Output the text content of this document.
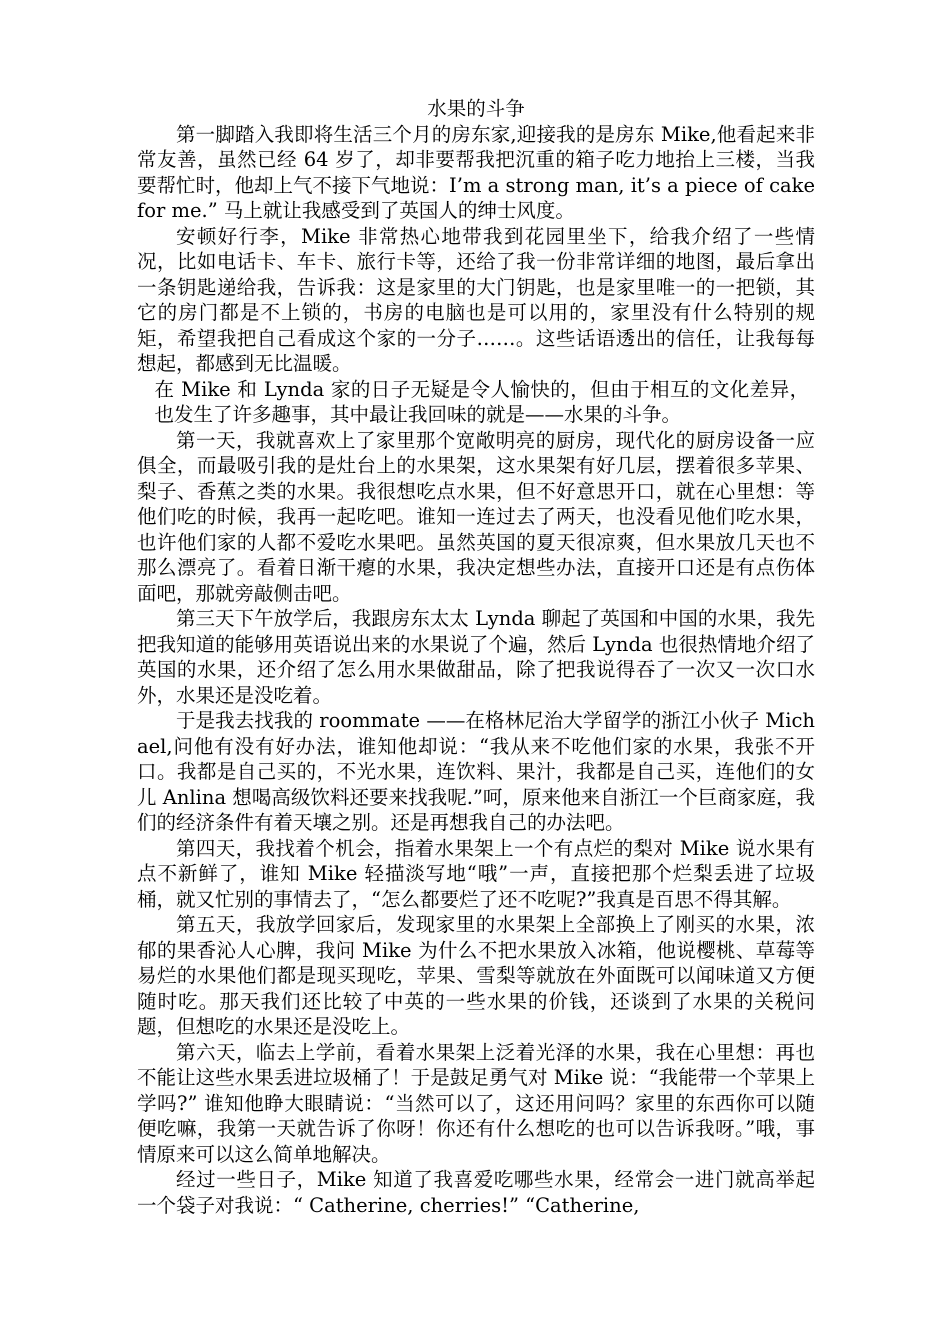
水果的斗争

第一脚踏入我即将生活三个月的房东家,迎接我的是房东 Mike,他看起来非常友善，虽然已经 64 岁了，却非要帮我把沉重的箱子吃力地抬上三楼，当我要帮忙时，他却上气不接下气地说：I’m a strong man, it’s a piece of cake for me.” 马上就让我感受到了英国人的绅士风度。

安顿好行李，Mike 非常热心地带我到花园里坐下，给我介绍了一些情况，比如电话卡、车卡、旅行卡等，还给了我一份非常详细的地图，最后拿出一条钥匙递给我，告诉我：这是家里的大门钥匙，也是家里唯一的一把锁，其它的房门都是不上锁的，书房的电脑也是可以用的，家里没有什么特别的规矩，希望我把自己看成这个家的一分子……。这些话语透出的信任，让我每每想起，都感到无比温暖。

在 Mike 和 Lynda 家的日子无疑是令人愉快的，但由于相互的文化差异，也发生了许多趣事，其中最让我回味的就是——水果的斗争。

第一天，我就喜欢上了家里那个宽敞明亮的厨房，现代化的厨房设备一应俱全，而最吸引我的是灶台上的水果架，这水果架有好几层，摆着很多苹果、梨子、香蕉之类的水果。我很想吃点水果，但不好意思开口，就在心里想：等他们吃的时候，我再一起吃吧。谁知一连过去了两天，也没看见他们吃水果，也许他们家的人都不爱吃水果吧。虽然英国的夏天很凉爽，但水果放几天也不那么漂亮了。看着日渐干瘪的水果，我决定想些办法，直接开口还是有点伤体面吧，那就旁敲侧击吧。

第三天下午放学后，我跟房东太太 Lynda 聊起了英国和中国的水果，我先把我知道的能够用英语说出来的水果说了个遍，然后 Lynda 也很热情地介绍了英国的水果，还介绍了怎么用水果做甜品，除了把我说得吞了一次又一次口水外，水果还是没吃着。

于是我去找我的 roommate ——在格林尼治大学留学的浙江小伙子 Michael,问他有没有好办法，谁知他却说：“我从来不吃他们家的水果，我张不开口。我都是自己买的，不光水果，连饮料、果汁，我都是自己买，连他们的女儿 Anlina 想喝高级饮料还要来找我呢.”呵，原来他来自浙江一个巨商家庭，我们的经济条件有着天壤之别。还是再想我自己的办法吧。

第四天，我找着个机会，指着水果架上一个有点烂的梨对 Mike 说水果有点不新鲜了，谁知 Mike 轻描淡写地“哦”一声，直接把那个烂梨丢进了垃圾桶，就又忙别的事情去了，“怎么都要烂了还不吃呢?”我真是百思不得其解。

第五天，我放学回家后，发现家里的水果架上全部换上了刚买的水果，浓郁的果香沁人心脾，我问 Mike 为什么不把水果放入冰箱，他说樱桃、草莓等易烂的水果他们都是现买现吃，苹果、雪梨等就放在外面既可以闻味道又方便随时吃。那天我们还比较了中英的一些水果的价钱，还谈到了水果的关税问题，但想吃的水果还是没吃上。

第六天，临去上学前，看着水果架上泛着光泽的水果，我在心里想：再也不能让这些水果丢进垃圾桶了！于是鼓足勇气对 Mike 说：“我能带一个苹果上学吗?” 谁知他睁大眼睛说：“当然可以了，这还用问吗？家里的东西你可以随便吃嘛，我第一天就告诉了你呀！你还有什么想吃的也可以告诉我呀。”哦，事情原来可以这么简单地解决。

经过一些日子，Mike 知道了我喜爱吃哪些水果，经常会一进门就高举起一个袋子对我说：“ Catherine, cherries!” “Catherine,
